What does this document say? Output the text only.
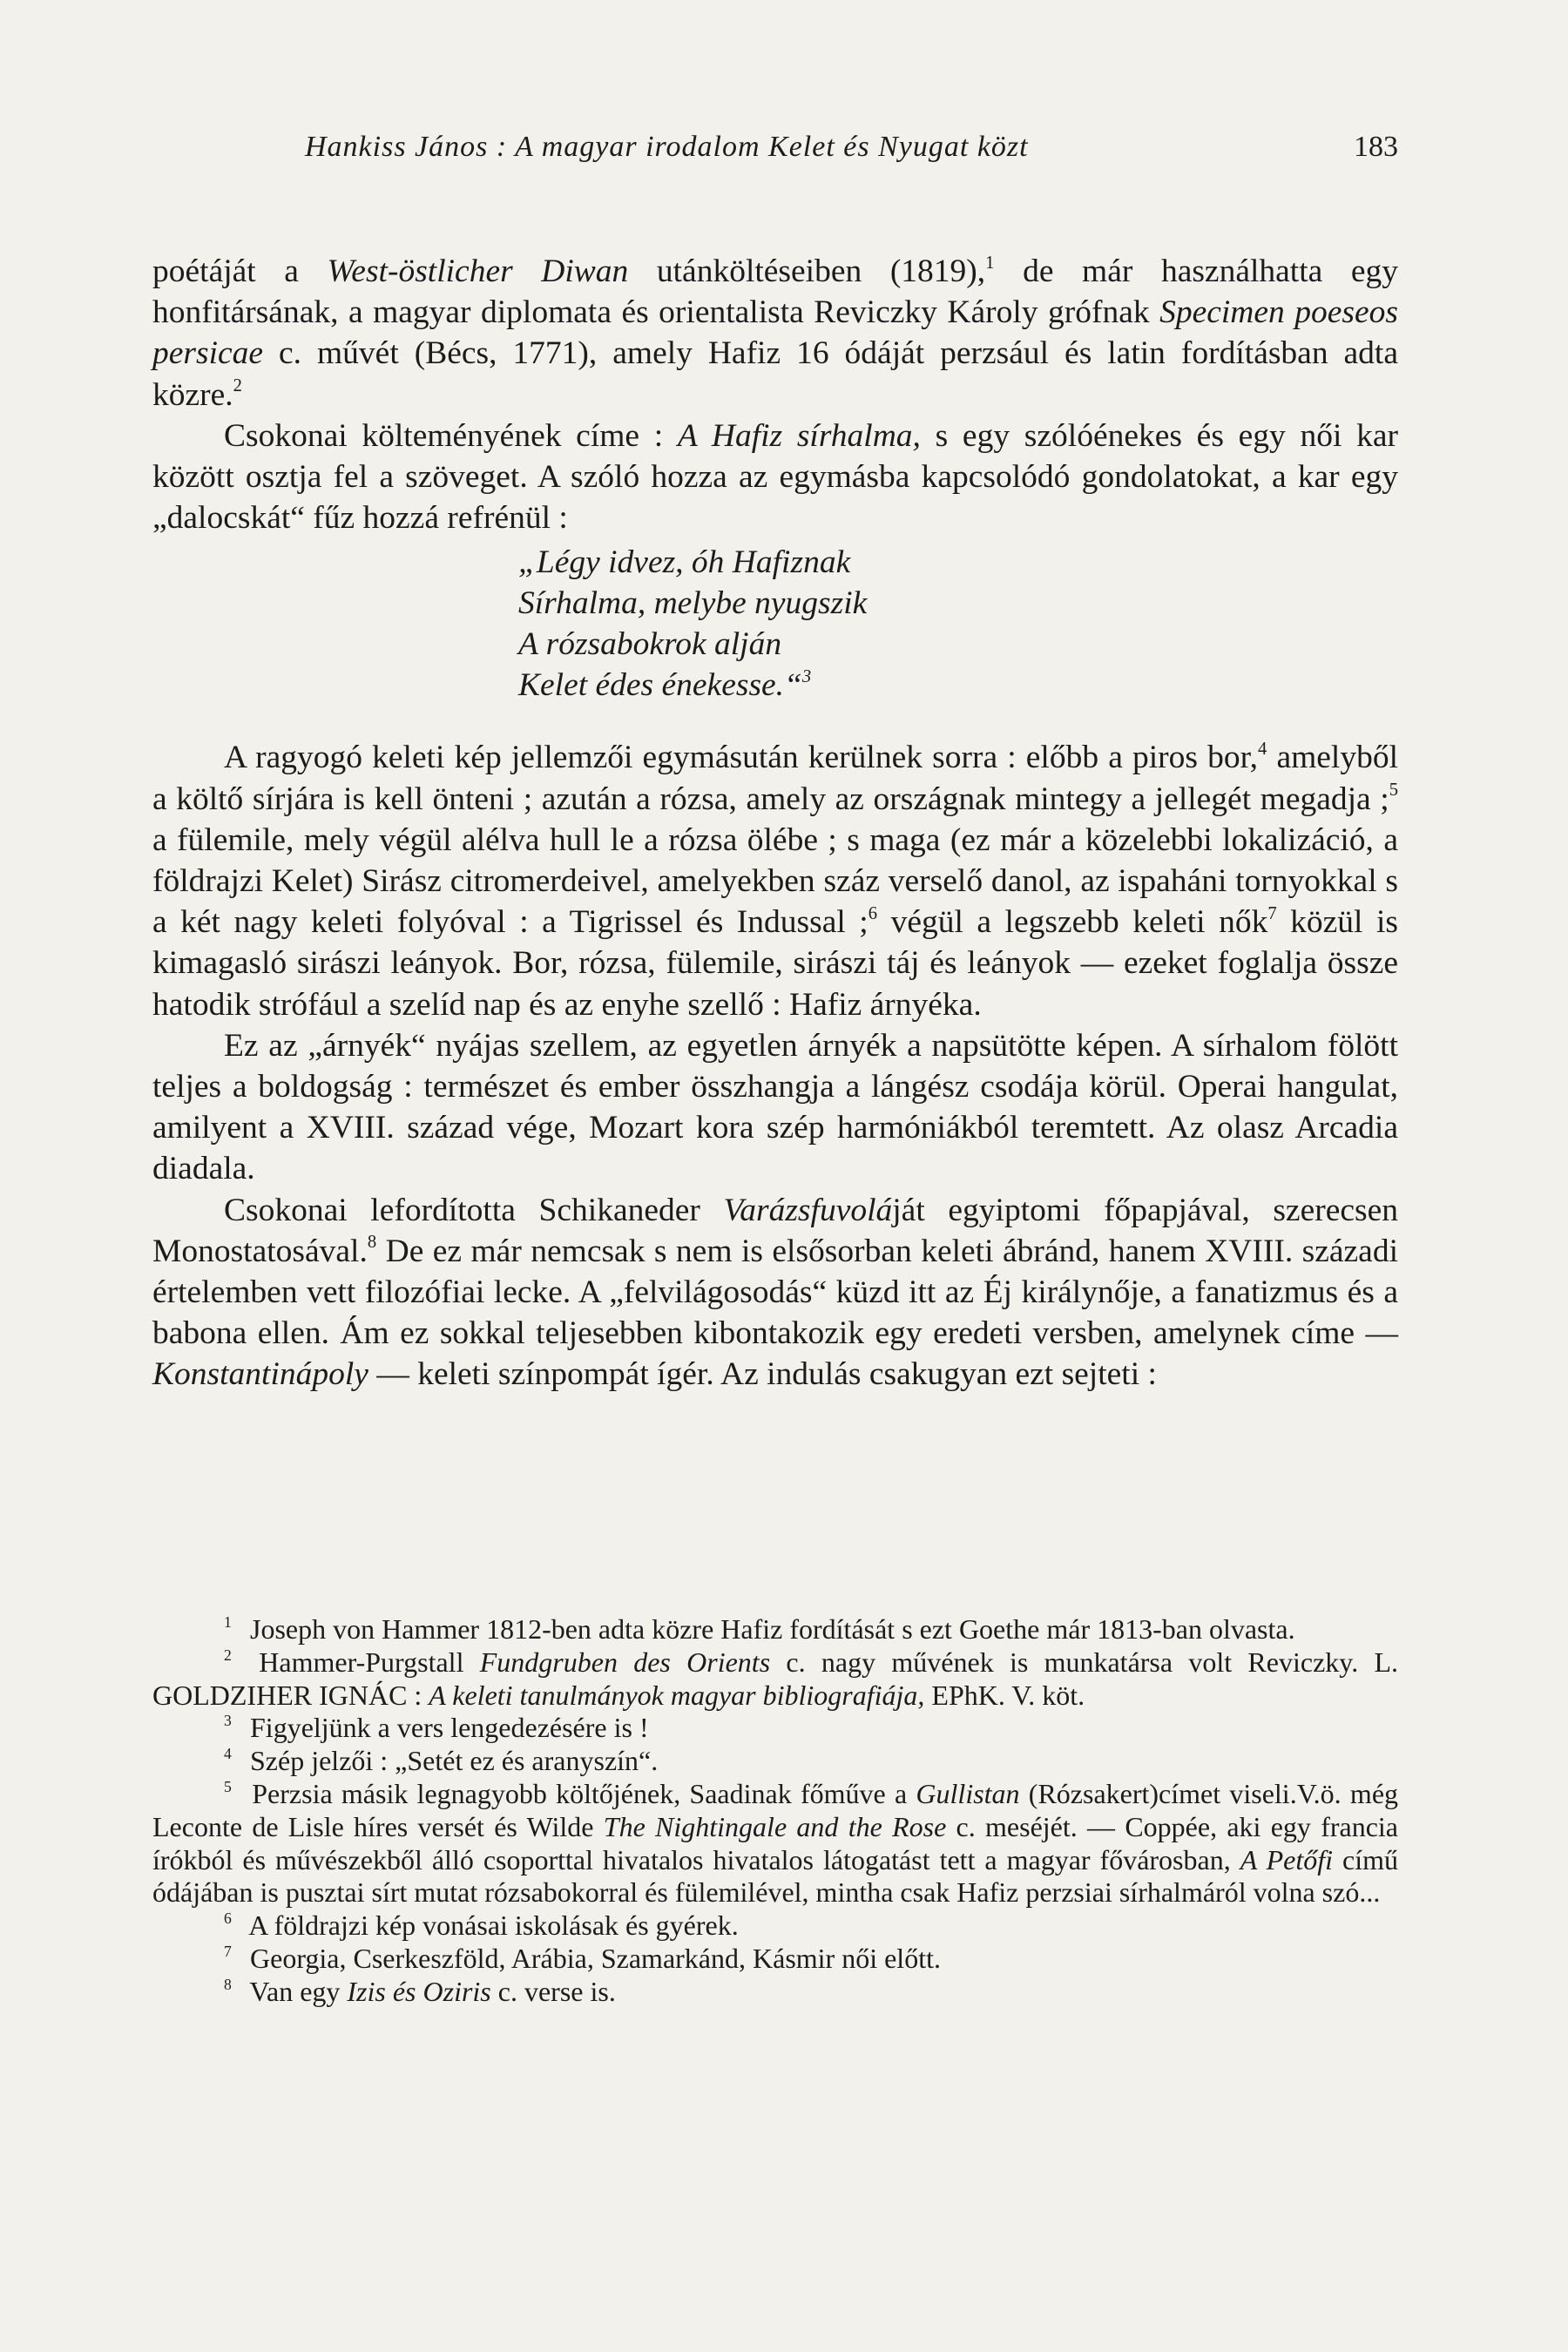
Hankiss János : A magyar irodalom Kelet és Nyugat közt	183

poétáját a West-östlicher Diwan utánköltéseiben (1819),$^1$ de már használhatta egy honfitársának, a magyar diplomata és orientalista Reviczky Károly grófnak Specimen poeseos persicae c. művét (Bécs, 1771), amely Hafiz 16 ódáját perzsául és latin fordításban adta közre.$^2$

Csokonai költeményének címe : A Hafiz sírhalma, s egy szólóénekes és egy női kar között osztja fel a szöveget. A szóló hozza az egymásba kapcsolódó gondolatokat, a kar egy „dalocskát“ fűz hozzá refrénül :

„Légy idvez, óh Hafiznak
Sírhalma, melybe nyugszik
A rózsabokrok alján
Kelet édes énekesse.“$^3$

A ragyogó keleti kép jellemzői egymásután kerülnek sorra : előbb a piros bor,$^4$ amelyből a költő sírjára is kell önteni ; azután a rózsa, amely az országnak mintegy a jellegét megadja ;$^5$ a fülemile, mely végül alélva hull le a rózsa ölébe ; s maga (ez már a közelebbi lokalizáció, a földrajzi Kelet) Sirász citromerdeivel, amelyekben száz verselő danol, az ispaháni tornyokkal s a két nagy keleti folyóval : a Tigrissel és Indussal ;$^6$ végül a legszebb keleti nők$^7$ közül is kimagasló sirászi leányok. Bor, rózsa, fülemile, sirászi táj és leányok — ezeket foglalja össze hatodik strófául a szelíd nap és az enyhe szellő : Hafiz árnyéka.

Ez az „árnyék“ nyájas szellem, az egyetlen árnyék a napsütötte képen. A sírhalom fölött teljes a boldogság : természet és ember összhangja a lángész csodája körül. Operai hangulat, amilyent a XVIII. század vége, Mozart kora szép harmóniákból teremtett. Az olasz Arcadia diadala.

Csokonai lefordította Schikaneder Varázsfuvoláját egyiptomi főpapjával, szerecsen Monostatosával.$^8$ De ez már nemcsak s nem is elsősorban keleti ábránd, hanem XVIII. századi értelemben vett filozófiai lecke. A „felvilágosodás“ küzd itt az Éj királynője, a fanatizmus és a babona ellen. Ám ez sokkal teljesebben kibontakozik egy eredeti versben, amelynek címe — Konstantinápoly — keleti színpompát ígér. Az indulás csakugyan ezt sejteti :

$^1$ Joseph von Hammer 1812-ben adta közre Hafiz fordítását s ezt Goethe már 1813-ban olvasta.

$^2$ Hammer-Purgstall Fundgruben des Orients c. nagy művének is munkatársa volt Reviczky. L. GOLDZIHER IGNÁC : A keleti tanulmányok magyar bibliografiája, EPhK. V. köt.

$^3$ Figyeljünk a vers lengedezésére is !

$^4$ Szép jelzői : „Setét ez és aranyszín“.

$^5$ Perzsia másik legnagyobb költőjének, Saadinak főműve a Gullistan (Rózsakert)címet viseli.V.ö. még Leconte de Lisle híres versét és Wilde The Nightingale and the Rose c. meséjét. — Coppée, aki egy francia írókból és művészekből álló csoporttal hivatalos hivatalos látogatást tett a magyar fővárosban, A Petőfi című ódájában is pusztai sírt mutat rózsabokorral és fülemilével, mintha csak Hafiz perzsiai sírhalmáról volna szó...

$^6$ A földrajzi kép vonásai iskolásak és gyérek.

$^7$ Georgia, Cserkeszföld, Arábia, Szamarkánd, Kásmir női előtt.

$^8$ Van egy Izis és Oziris c. verse is.
